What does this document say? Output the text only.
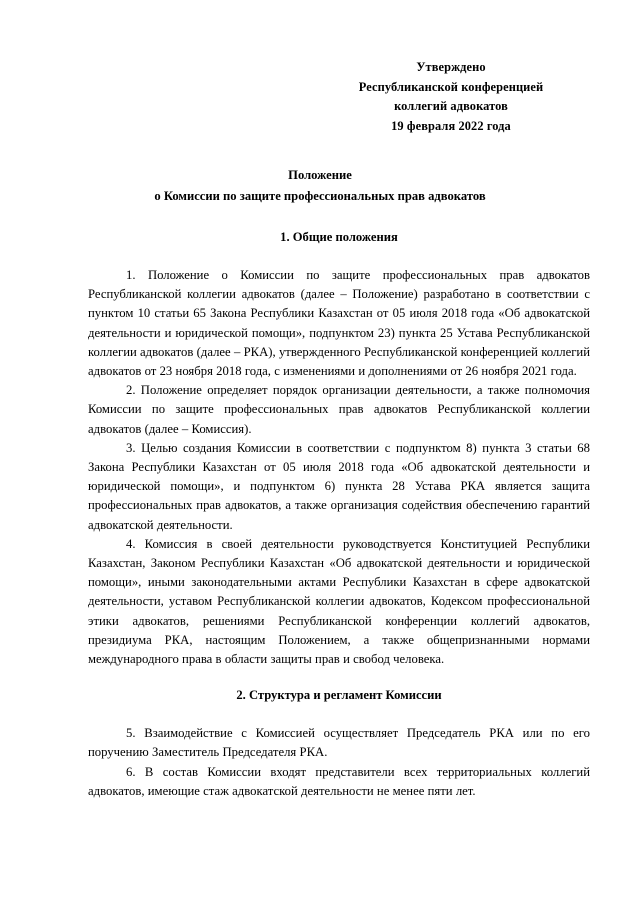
Утверждено
Республиканской конференцией
коллегий адвокатов
19 февраля 2022 года
Положение
о Комиссии по защите профессиональных прав адвокатов
1. Общие положения

1. Положение о Комиссии по защите профессиональных прав адвокатов Республиканской коллегии адвокатов (далее – Положение) разработано в соответствии с пунктом 10 статьи 65 Закона Республики Казахстан от 05 июля 2018 года «Об адвокатской деятельности и юридической помощи», подпунктом 23) пункта 25 Устава Республиканской коллегии адвокатов (далее – РКА), утвержденного Республиканской конференцией коллегий адвокатов от 23 ноября 2018 года, с изменениями и дополнениями от 26 ноября 2021 года.

2. Положение определяет порядок организации деятельности, а также полномочия Комиссии по защите профессиональных прав адвокатов Республиканской коллегии адвокатов (далее – Комиссия).

3. Целью создания Комиссии в соответствии с подпунктом 8) пункта 3 статьи 68 Закона Республики Казахстан от 05 июля 2018 года «Об адвокатской деятельности и юридической помощи», и подпунктом 6) пункта 28 Устава РКА является защита профессиональных прав адвокатов, а также организация содействия обеспечению гарантий адвокатской деятельности.

4. Комиссия в своей деятельности руководствуется Конституцией Республики Казахстан, Законом Республики Казахстан «Об адвокатской деятельности и юридической помощи», иными законодательными актами Республики Казахстан в сфере адвокатской деятельности, уставом Республиканской коллегии адвокатов, Кодексом профессиональной этики адвокатов, решениями Республиканской конференции коллегий адвокатов, президиума РКА, настоящим Положением, а также общепризнанными нормами международного права в области защиты прав и свобод человека.

2. Структура и регламент Комиссии

5. Взаимодействие с Комиссией осуществляет Председатель РКА или по его поручению Заместитель Председателя РКА.

6. В состав Комиссии входят представители всех территориальных коллегий адвокатов, имеющие стаж адвокатской деятельности не менее пяти лет.
